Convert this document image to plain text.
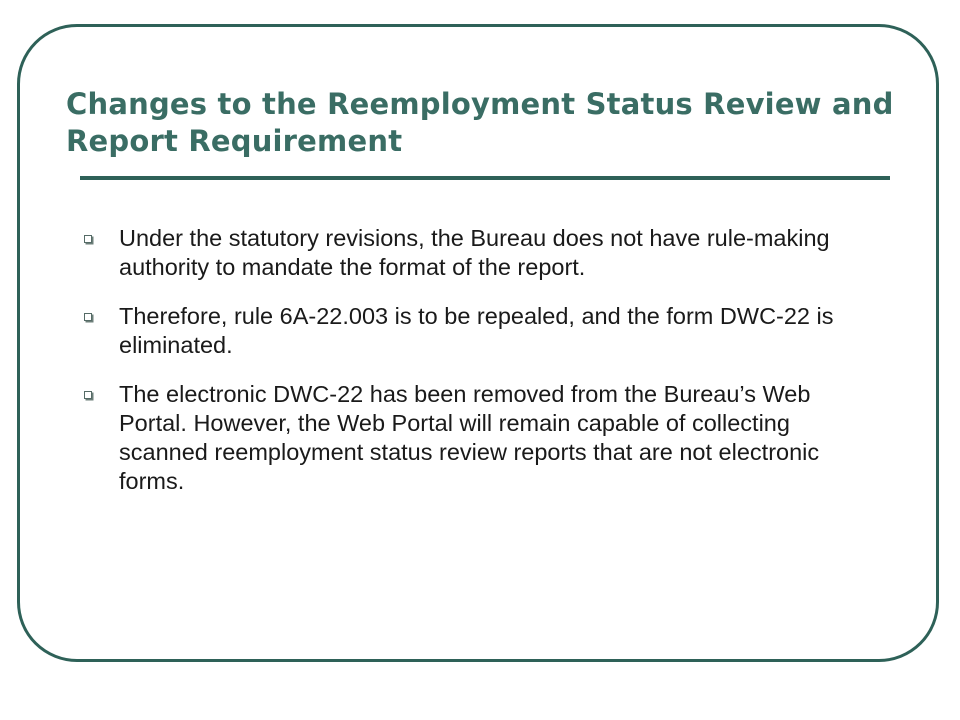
Changes to the Reemployment Status Review and Report Requirement
Under the statutory revisions, the Bureau does not have rule-making authority to mandate the format of the report.
Therefore, rule 6A-22.003 is to be repealed, and the form DWC-22 is eliminated.
The electronic DWC-22 has been removed from the Bureau’s Web Portal. However, the Web Portal will remain capable of collecting scanned reemployment status review reports that are not electronic forms.
